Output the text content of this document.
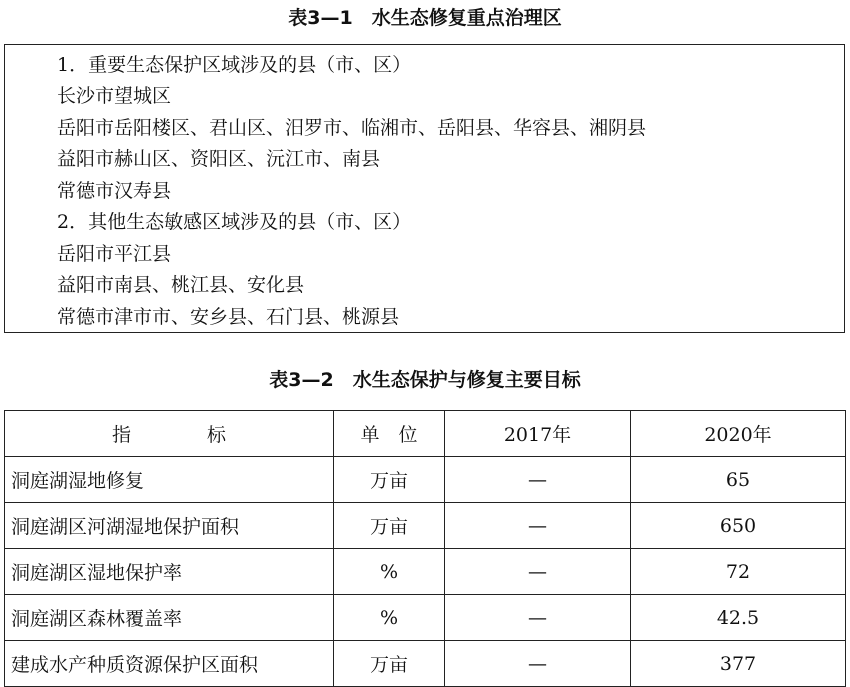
表3—1　水生态修复重点治理区
1．重要生态保护区域涉及的县（市、区）
长沙市望城区
岳阳市岳阳楼区、君山区、汨罗市、临湘市、岳阳县、华容县、湘阴县
益阳市赫山区、资阳区、沅江市、南县
常德市汉寿县
2．其他生态敏感区域涉及的县（市、区）
岳阳市平江县
益阳市南县、桃江县、安化县
常德市津市市、安乡县、石门县、桃源县
表3—2　水生态保护与修复主要目标
指　　　　标	单　位	2017年	2020年
洞庭湖湿地修复	万亩	—	65
洞庭湖区河湖湿地保护面积	万亩	—	650
洞庭湖区湿地保护率	%	—	72
洞庭湖区森林覆盖率	%	—	42.5
建成水产种质资源保护区面积	万亩	—	377
